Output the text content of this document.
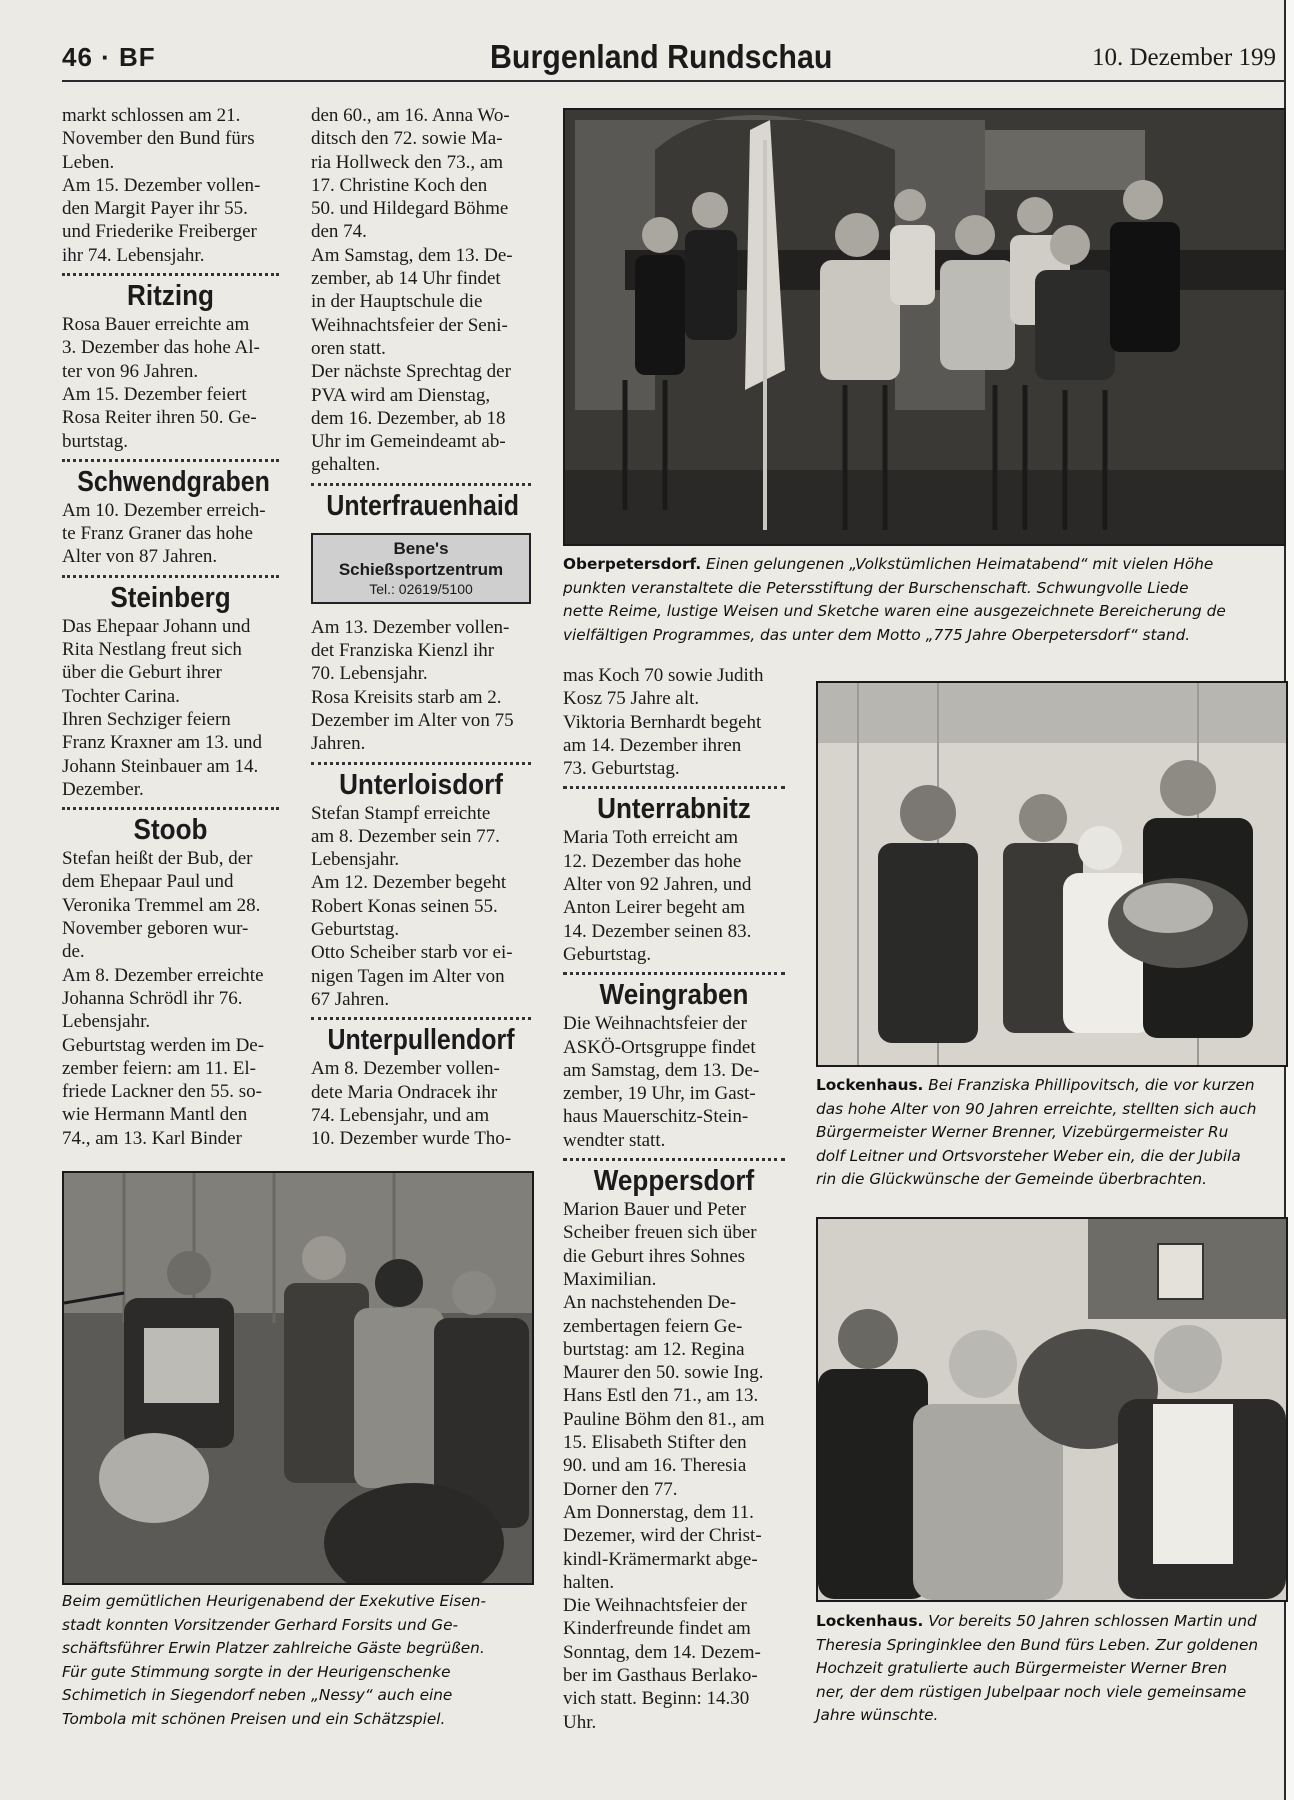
46 · BF	Burgenland Rundschau	10. Dezember 199

markt schlossen am 21.
November den Bund fürs
Leben.
Am 15. Dezember vollen-
den Margit Payer ihr 55.
und Friederike Freiberger
ihr 74. Lebensjahr.

Ritzing

Rosa Bauer erreichte am
3. Dezember das hohe Al-
ter von 96 Jahren.
Am 15. Dezember feiert
Rosa Reiter ihren 50. Ge-
burtstag.

Schwendgraben

Am 10. Dezember erreich-
te Franz Graner das hohe
Alter von 87 Jahren.

Steinberg

Das Ehepaar Johann und
Rita Nestlang freut sich
über die Geburt ihrer
Tochter Carina.
Ihren Sechziger feiern
Franz Kraxner am 13. und
Johann Steinbauer am 14.
Dezember.

Stoob

Stefan heißt der Bub, der
dem Ehepaar Paul und
Veronika Tremmel am 28.
November geboren wur-
de.
Am 8. Dezember erreichte
Johanna Schrödl ihr 76.
Lebensjahr.
Geburtstag werden im De-
zember feiern: am 11. El-
friede Lackner den 55. so-
wie Hermann Mantl den
74., am 13. Karl Binder

den 60., am 16. Anna Wo-
ditsch den 72. sowie Ma-
ria Hollweck den 73., am
17. Christine Koch den
50. und Hildegard Böhme
den 74.
Am Samstag, dem 13. De-
zember, ab 14 Uhr findet
in der Hauptschule die
Weihnachtsfeier der Seni-
oren statt.
Der nächste Sprechtag der
PVA wird am Dienstag,
dem 16. Dezember, ab 18
Uhr im Gemeindeamt ab-
gehalten.

Unterfrauenhaid

Bene's
Schießsportzentrum
Tel.: 02619/5100

Am 13. Dezember vollen-
det Franziska Kienzl ihr
70. Lebensjahr.
Rosa Kreisits starb am 2.
Dezember im Alter von 75
Jahren.

Unterloisdorf

Stefan Stampf erreichte
am 8. Dezember sein 77.
Lebensjahr.
Am 12. Dezember begeht
Robert Konas seinen 55.
Geburtstag.
Otto Scheiber starb vor ei-
nigen Tagen im Alter von
67 Jahren.

Unterpullendorf

Am 8. Dezember vollen-
dete Maria Ondracek ihr
74. Lebensjahr, und am
10. Dezember wurde Tho-

mas Koch 70 sowie Judith
Kosz 75 Jahre alt.
Viktoria Bernhardt begeht
am 14. Dezember ihren
73. Geburtstag.

Unterrabnitz

Maria Toth erreicht am
12. Dezember das hohe
Alter von 92 Jahren, und
Anton Leirer begeht am
14. Dezember seinen 83.
Geburtstag.

Weingraben

Die Weihnachtsfeier der
ASKÖ-Ortsgruppe findet
am Samstag, dem 13. De-
zember, 19 Uhr, im Gast-
haus Mauerschitz-Stein-
wendter statt.

Weppersdorf

Marion Bauer und Peter
Scheiber freuen sich über
die Geburt ihres Sohnes
Maximilian.
An nachstehenden De-
zembertagen feiern Ge-
burtstag: am 12. Regina
Maurer den 50. sowie Ing.
Hans Estl den 71., am 13.
Pauline Böhm den 81., am
15. Elisabeth Stifter den
90. und am 16. Theresia
Dorner den 77.
Am Donnerstag, dem 11.
Dezemer, wird der Christ-
kindl-Krämermarkt abge-
halten.
Die Weihnachtsfeier der
Kinderfreunde findet am
Sonntag, dem 14. Dezem-
ber im Gasthaus Berlako-
vich statt. Beginn: 14.30
Uhr.

Oberpetersdorf. Einen gelungenen „Volkstümlichen Heimatabend“ mit vielen Höhe
punkten veranstaltete die Petersstiftung der Burschenschaft. Schwungvolle Liede
nette Reime, lustige Weisen und Sketche waren eine ausgezeichnete Bereicherung de
vielfältigen Programmes, das unter dem Motto „775 Jahre Oberpetersdorf“ stand.
Lockenhaus. Bei Franziska Phillipovitsch, die vor kurzen
das hohe Alter von 90 Jahren erreichte, stellten sich auch
Bürgermeister Werner Brenner, Vizebürgermeister Ru
dolf Leitner und Ortsvorsteher Weber ein, die der Jubila
rin die Glückwünsche der Gemeinde überbrachten.
Beim gemütlichen Heurigenabend der Exekutive Eisen-
stadt konnten Vorsitzender Gerhard Forsits und Ge-
schäftsführer Erwin Platzer zahlreiche Gäste begrüßen.
Für gute Stimmung sorgte in der Heurigenschenke
Schimetich in Siegendorf neben „Nessy“ auch eine
Tombola mit schönen Preisen und ein Schätzspiel.
Lockenhaus. Vor bereits 50 Jahren schlossen Martin und
Theresia Springinklee den Bund fürs Leben. Zur goldenen
Hochzeit gratulierte auch Bürgermeister Werner Bren
ner, der dem rüstigen Jubelpaar noch viele gemeinsame
Jahre wünschte.
